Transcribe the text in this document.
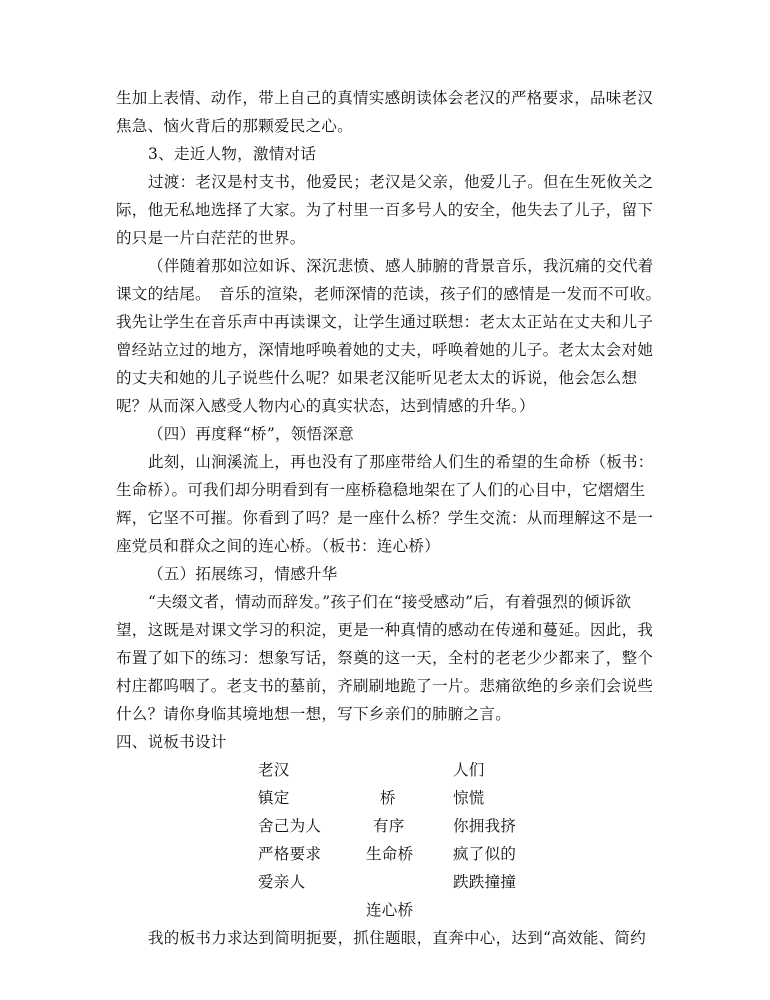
生加上表情、动作，带上自己的真情实感朗读体会老汉的严格要求，品味老汉
焦急、恼火背后的那颗爱民之心。
3、走近人物，激情对话
过渡：老汉是村支书，他爱民；老汉是父亲，他爱儿子。但在生死攸关之
际，他无私地选择了大家。为了村里一百多号人的安全，他失去了儿子，留下
的只是一片白茫茫的世界。
（伴随着那如泣如诉、深沉悲愤、感人肺腑的背景音乐，我沉痛的交代着
课文的结尾。　音乐的渲染，老师深情的范读，孩子们的感情是一发而不可收。
我先让学生在音乐声中再读课文，让学生通过联想：老太太正站在丈夫和儿子
曾经站立过的地方，深情地呼唤着她的丈夫，呼唤着她的儿子。老太太会对她
的丈夫和她的儿子说些什么呢？如果老汉能听见老太太的诉说，他会怎么想
呢？从而深入感受人物内心的真实状态，达到情感的升华。）
（四）再度释“桥”，领悟深意
此刻，山涧溪流上，再也没有了那座带给人们生的希望的生命桥（板书：
生命桥）。可我们却分明看到有一座桥稳稳地架在了人们的心目中，它熠熠生
辉，它坚不可摧。你看到了吗？是一座什么桥？学生交流：从而理解这不是一
座党员和群众之间的连心桥。（板书：连心桥）
（五）拓展练习，情感升华
“夫缀文者，情动而辞发。”孩子们在“接受感动”后，有着强烈的倾诉欲
望，这既是对课文学习的积淀，更是一种真情的感动在传递和蔓延。因此，我
布置了如下的练习：想象写话，祭奠的这一天，全村的老老少少都来了，整个
村庄都呜咽了。老支书的墓前，齐刷刷地跪了一片。悲痛欲绝的乡亲们会说些
什么？请你身临其境地想一想，写下乡亲们的肺腑之言。
四、说板书设计
老汉
镇定
舍己为人
严格要求
爱亲人
桥
有序
生命桥
人们
惊慌
你拥我挤
疯了似的
跌跌撞撞
连心桥
我的板书力求达到简明扼要，抓住题眼，直奔中心，达到“高效能、简约
